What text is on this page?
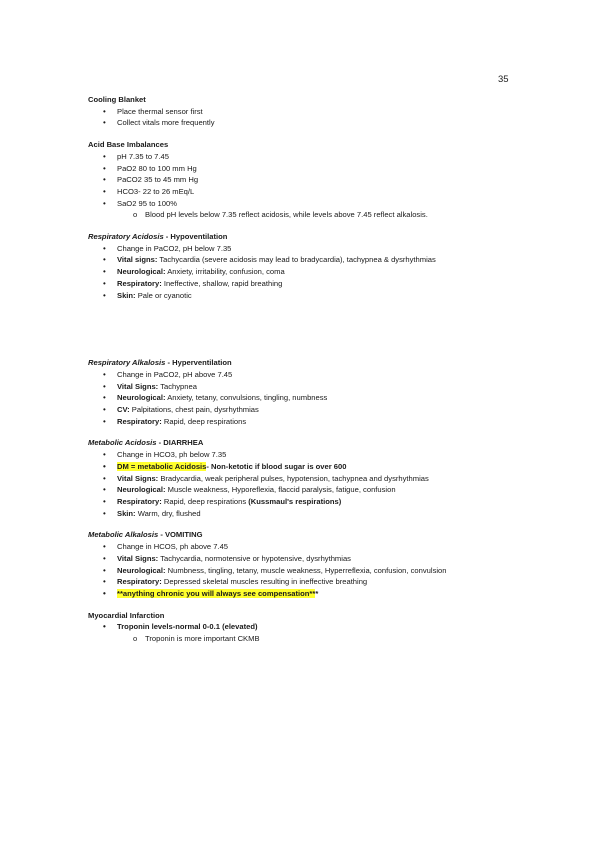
35

Cooling Blanket

• Place thermal sensor first
• Collect vitals more frequently

Acid Base Imbalances

• pH 7.35 to 7.45
• PaO2 80 to 100 mm Hg
• PaCO2 35 to 45 mm Hg
• HCO3- 22 to 26 mEq/L
• SaO2 95 to 100%
o Blood pH levels below 7.35 reflect acidosis, while levels above 7.45 reflect alkalosis.

Respiratory Acidosis - Hypoventilation

• Change in PaCO2, pH below 7.35
• Vital signs: Tachycardia (severe acidosis may lead to bradycardia), tachypnea & dysrhythmias
• Neurological: Anxiety, irritability, confusion, coma
• Respiratory: Ineffective, shallow, rapid breathing
• Skin: Pale or cyanotic

Respiratory Alkalosis - Hyperventilation

• Change in PaCO2, pH above 7.45
• Vital Signs: Tachypnea
• Neurological: Anxiety, tetany, convulsions, tingling, numbness
• CV: Palpitations, chest pain, dysrhythmias
• Respiratory: Rapid, deep respirations

Metabolic Acidosis - DIARRHEA

• Change in HCO3, ph below 7.35
• DM = metabolic Acidosis- Non-ketotic if blood sugar is over 600
• Vital Signs: Bradycardia, weak peripheral pulses, hypotension, tachypnea and dysrhythmias
• Neurological: Muscle weakness, Hyporeflexia, flaccid paralysis, fatigue, confusion
• Respiratory: Rapid, deep respirations (Kussmaul's respirations)
• Skin: Warm, dry, flushed

Metabolic Alkalosis - VOMITING

• Change in HCOS, ph above 7.45
• Vital Signs: Tachycardia, normotensive or hypotensive, dysrhythmias
• Neurological: Numbness, tingling, tetany, muscle weakness, Hyperreflexia, confusion, convulsion
• Respiratory: Depressed skeletal muscles resulting in ineffective breathing
• **anything chronic you will always see compensation***

Myocardial Infarction

• Troponin levels-normal 0-0.1 (elevated)
o Troponin is more important CKMB
